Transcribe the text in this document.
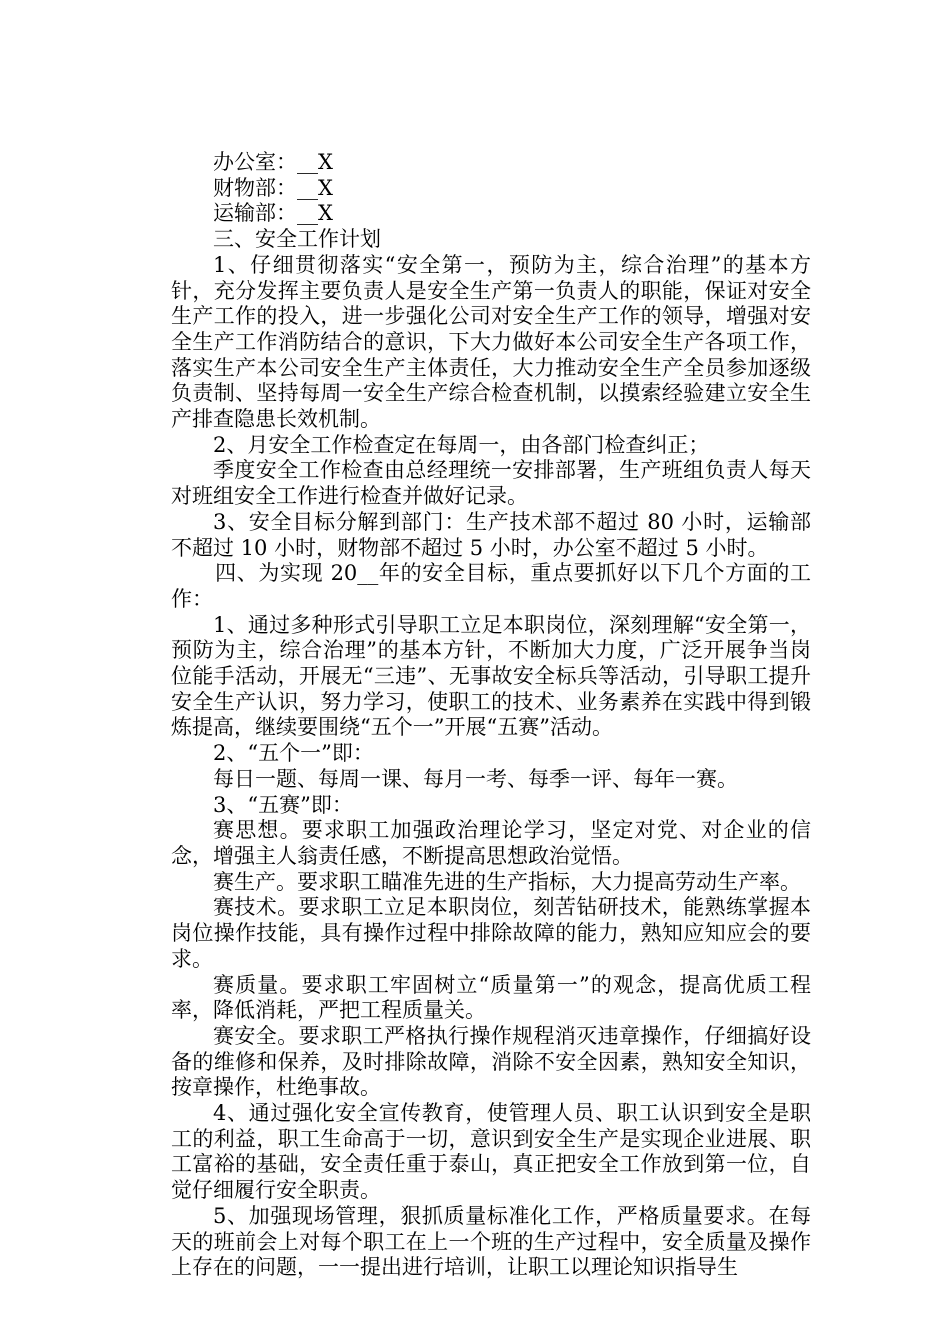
办公室：__X

财物部：__X

运输部：__X

三、安全工作计划

1、仔细贯彻落实“安全第一，预防为主，综合治理”的基本方针，充分发挥主要负责人是安全生产第一负责人的职能，保证对安全生产工作的投入，进一步强化公司对安全生产工作的领导，增强对安全生产工作消防结合的意识，下大力做好本公司安全生产各项工作，落实生产本公司安全生产主体责任，大力推动安全生产全员参加逐级负责制、坚持每周一安全生产综合检查机制，以摸索经验建立安全生产排查隐患长效机制。

2、月安全工作检查定在每周一，由各部门检查纠正；

季度安全工作检查由总经理统一安排部署，生产班组负责人每天对班组安全工作进行检查并做好记录。

3、安全目标分解到部门：生产技术部不超过 80 小时，运输部不超过 10 小时，财物部不超过 5 小时，办公室不超过 5 小时。

四、为实现 20__年的安全目标，重点要抓好以下几个方面的工作：

1、通过多种形式引导职工立足本职岗位，深刻理解“安全第一，预防为主，综合治理”的基本方针，不断加大力度，广泛开展争当岗位能手活动，开展无“三违”、无事故安全标兵等活动，引导职工提升安全生产认识，努力学习，使职工的技术、业务素养在实践中得到锻炼提高，继续要围绕“五个一”开展“五赛”活动。

2、“五个一”即：

每日一题、每周一课、每月一考、每季一评、每年一赛。

3、“五赛”即：

赛思想。要求职工加强政治理论学习，坚定对党、对企业的信念，增强主人翁责任感，不断提高思想政治觉悟。

赛生产。要求职工瞄准先进的生产指标，大力提高劳动生产率。

赛技术。要求职工立足本职岗位，刻苦钻研技术，能熟练掌握本岗位操作技能，具有操作过程中排除故障的能力，熟知应知应会的要求。

赛质量。要求职工牢固树立“质量第一”的观念，提高优质工程率，降低消耗，严把工程质量关。

赛安全。要求职工严格执行操作规程消灭违章操作，仔细搞好设备的维修和保养，及时排除故障，消除不安全因素，熟知安全知识，按章操作，杜绝事故。

4、通过强化安全宣传教育，使管理人员、职工认识到安全是职工的利益，职工生命高于一切，意识到安全生产是实现企业进展、职工富裕的基础，安全责任重于泰山，真正把安全工作放到第一位，自觉仔细履行安全职责。

5、加强现场管理，狠抓质量标准化工作，严格质量要求。在每天的班前会上对每个职工在上一个班的生产过程中，安全质量及操作上存在的问题，一一提出进行培训，让职工以理论知识指导生
